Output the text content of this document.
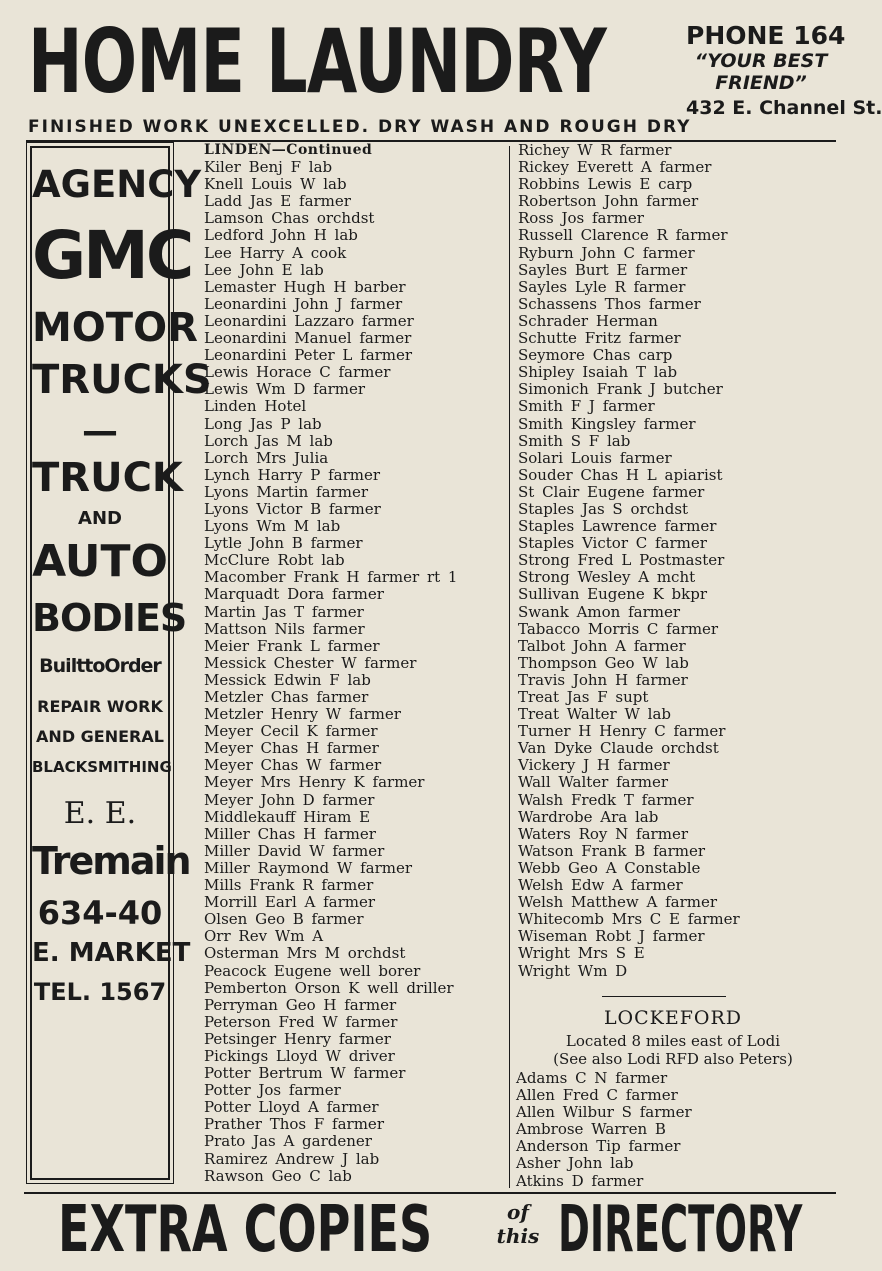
HOME LAUNDRY	PHONE 164
“YOUR BEST
FRIEND”
432 E. Channel St.
FINISHED WORK UNEXCELLED. DRY WASH AND ROUGH DRY
AGENCY
GMC
MOTOR
TRUCKS
—
TRUCK
AND
AUTO
BODIES
BuilttoOrder
REPAIR WORK
AND GENERAL
BLACKSMITHING
E. E.
Tremain
634-40
E. MARKET
TEL. 1567
LINDEN—Continued
Kiler Benj F lab
Knell Louis W lab
Ladd Jas E farmer
Lamson Chas orchdst
Ledford John H lab
Lee Harry A cook
Lee John E lab
Lemaster Hugh H barber
Leonardini John J farmer
Leonardini Lazzaro farmer
Leonardini Manuel farmer
Leonardini Peter L farmer
Lewis Horace C farmer
Lewis Wm D farmer
Linden Hotel
Long Jas P lab
Lorch Jas M lab
Lorch Mrs Julia
Lynch Harry P farmer
Lyons Martin farmer
Lyons Victor B farmer
Lyons Wm M lab
Lytle John B farmer
McClure Robt lab
Macomber Frank H farmer rt 1
Marquadt Dora farmer
Martin Jas T farmer
Mattson Nils farmer
Meier Frank L farmer
Messick Chester W farmer
Messick Edwin F lab
Metzler Chas farmer
Metzler Henry W farmer
Meyer Cecil K farmer
Meyer Chas H farmer
Meyer Chas W farmer
Meyer Mrs Henry K farmer
Meyer John D farmer
Middlekauff Hiram E
Miller Chas H farmer
Miller David W farmer
Miller Raymond W farmer
Mills Frank R farmer
Morrill Earl A farmer
Olsen Geo B farmer
Orr Rev Wm A
Osterman Mrs M orchdst
Peacock Eugene well borer
Pemberton Orson K well driller
Perryman Geo H farmer
Peterson Fred W farmer
Petsinger Henry farmer
Pickings Lloyd W driver
Potter Bertrum W farmer
Potter Jos farmer
Potter Lloyd A farmer
Prather Thos F farmer
Prato Jas A gardener
Ramirez Andrew J lab
Rawson Geo C lab
Richey W R farmer
Rickey Everett A farmer
Robbins Lewis E carp
Robertson John farmer
Ross Jos farmer
Russell Clarence R farmer
Ryburn John C farmer
Sayles Burt E farmer
Sayles Lyle R farmer
Schassens Thos farmer
Schrader Herman
Schutte Fritz farmer
Seymore Chas carp
Shipley Isaiah T lab
Simonich Frank J butcher
Smith F J farmer
Smith Kingsley farmer
Smith S F lab
Solari Louis farmer
Souder Chas H L apiarist
St Clair Eugene farmer
Staples Jas S orchdst
Staples Lawrence farmer
Staples Victor C farmer
Strong Fred L Postmaster
Strong Wesley A mcht
Sullivan Eugene K bkpr
Swank Amon farmer
Tabacco Morris C farmer
Talbot John A farmer
Thompson Geo W lab
Travis John H farmer
Treat Jas F supt
Treat Walter W lab
Turner H Henry C farmer
Van Dyke Claude orchdst
Vickery J H farmer
Wall Walter farmer
Walsh Fredk T farmer
Wardrobe Ara lab
Waters Roy N farmer
Watson Frank B farmer
Webb Geo A Constable
Welsh Edw A farmer
Welsh Matthew A farmer
Whitecomb Mrs C E farmer
Wiseman Robt J farmer
Wright Mrs S E
Wright Wm D
LOCKEFORD
Located 8 miles east of Lodi
(See also Lodi RFD also Peters)
Adams C N farmer
Allen Fred C farmer
Allen Wilbur S farmer
Ambrose Warren B
Anderson Tip farmer
Asher John lab
Atkins D farmer
EXTRA COPIES	of
this DIRECTORY
